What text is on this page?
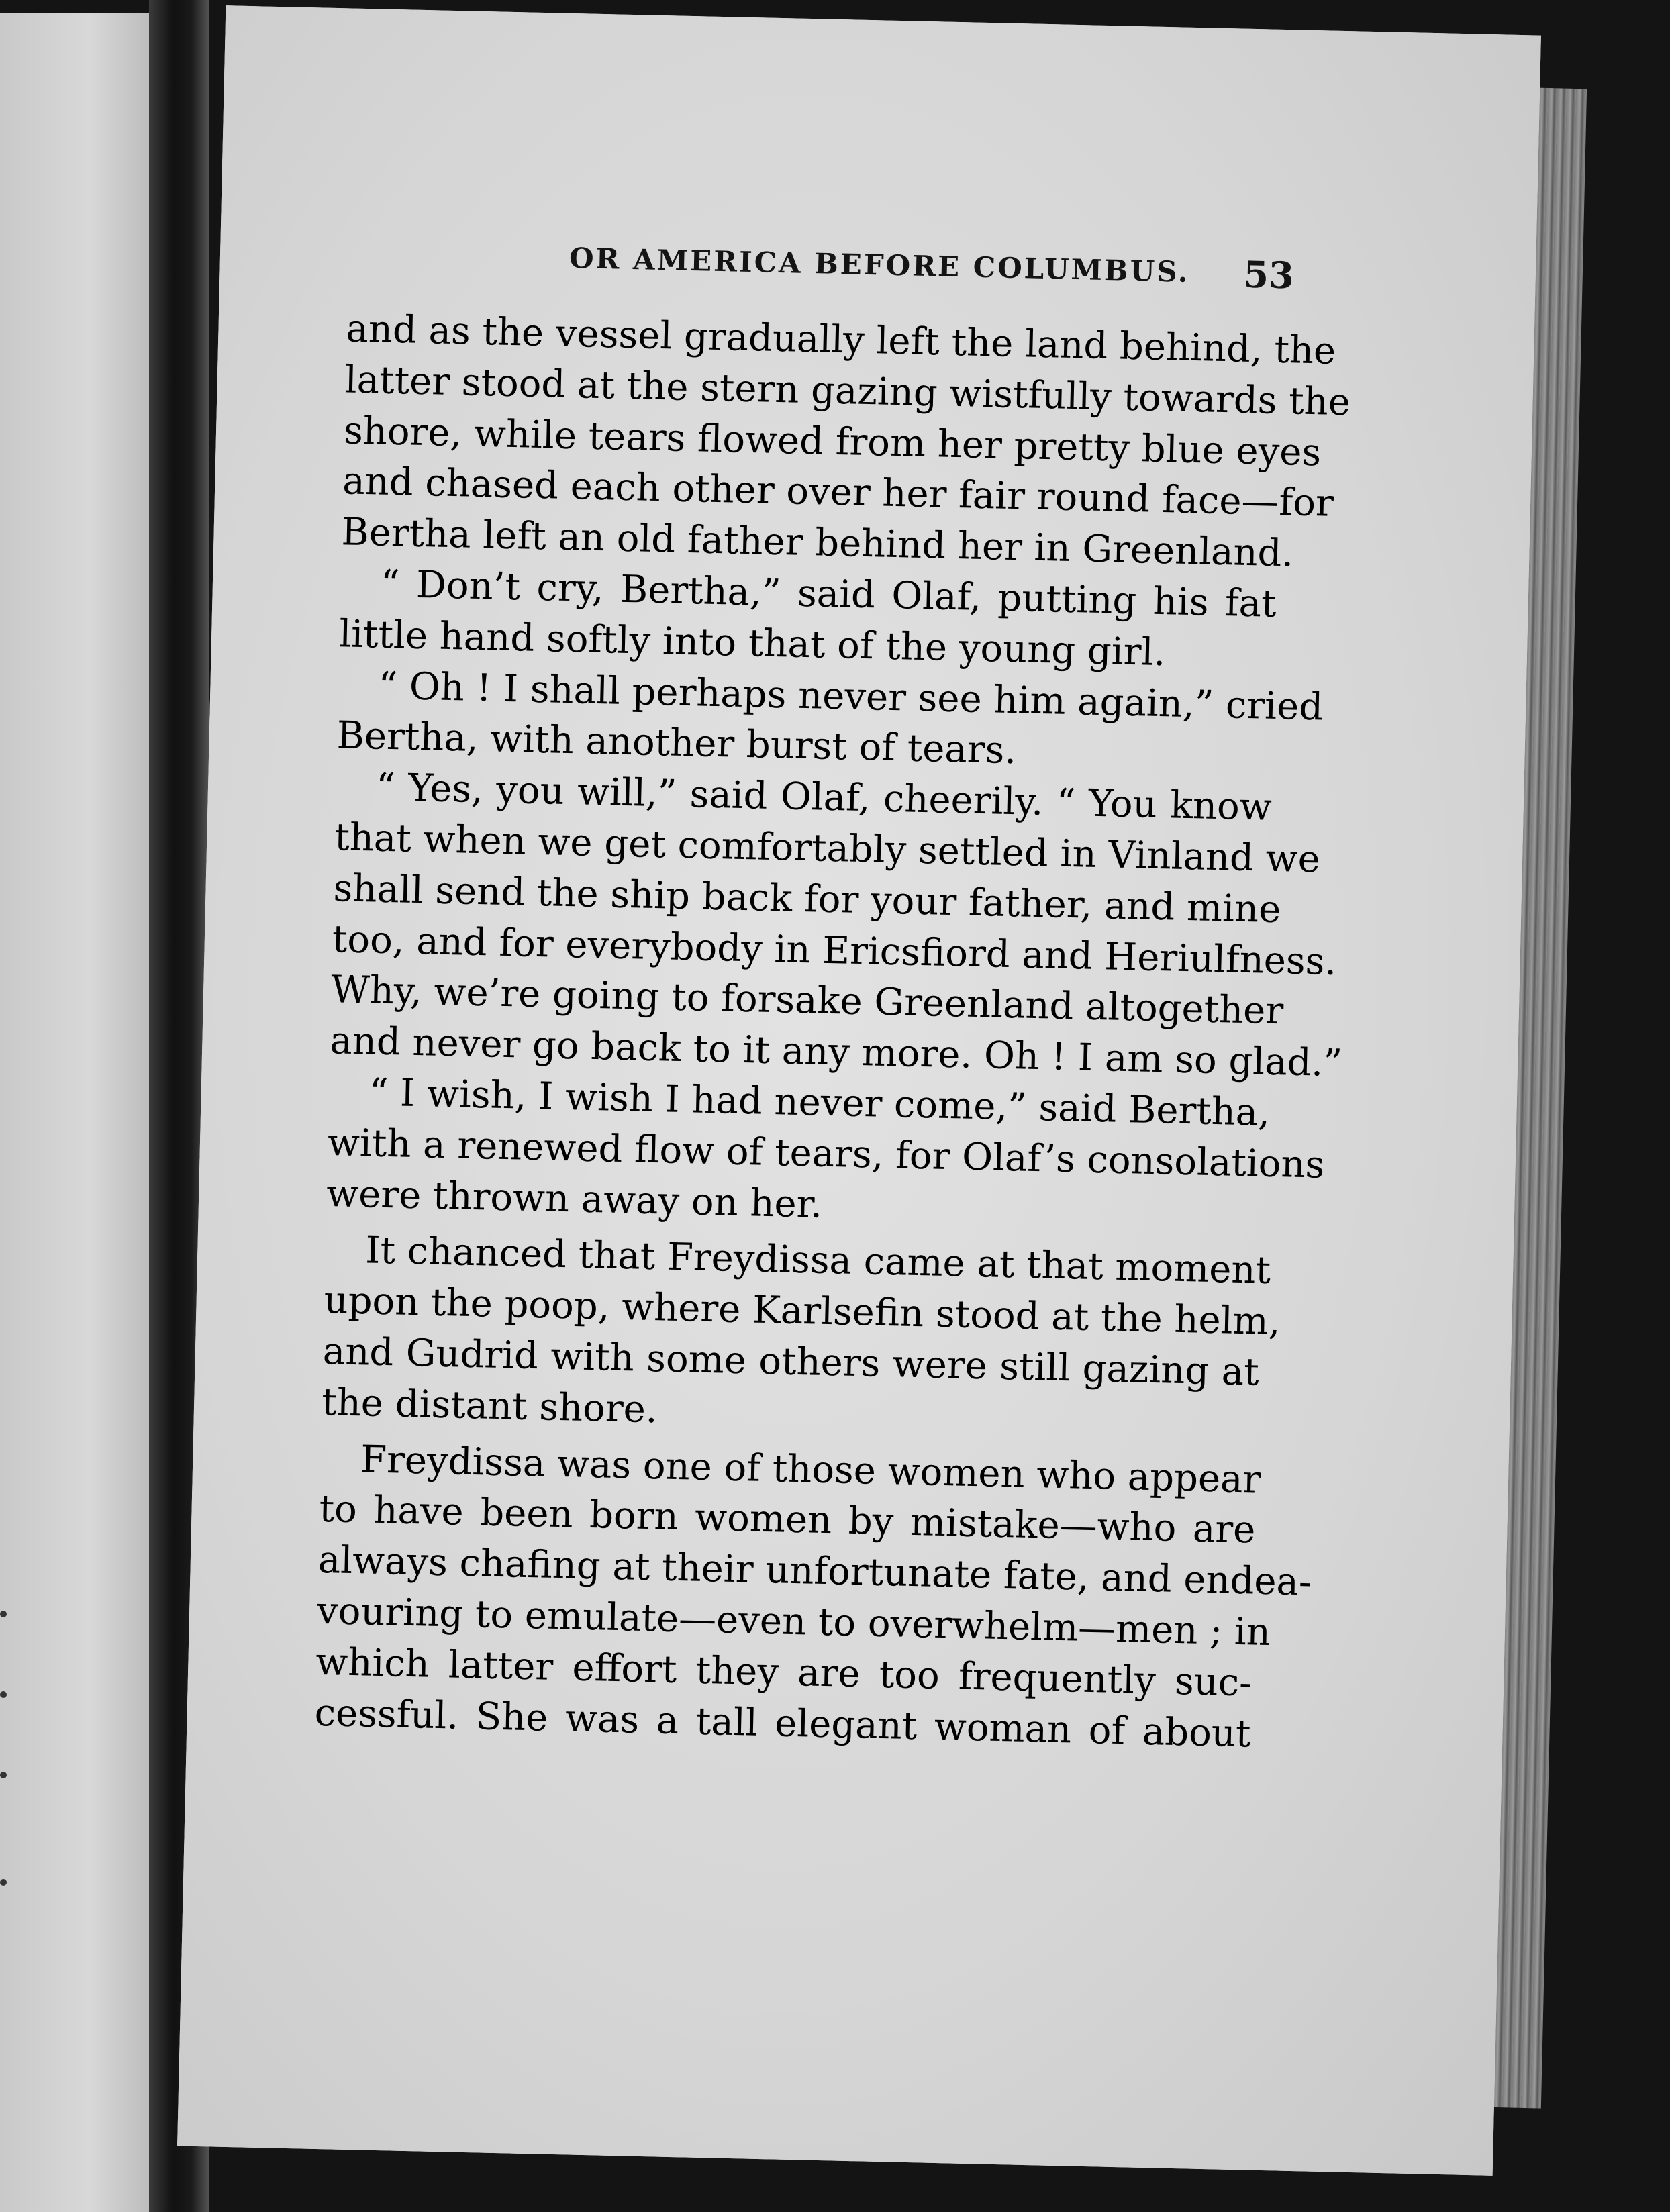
OR AMERICA BEFORE COLUMBUS. 53
and as the vessel gradually left the land behind, the
latter stood at the stern gazing wistfully towards the
shore, while tears flowed from her pretty blue eyes
and chased each other over her fair round face—for
Bertha left an old father behind her in Greenland.
“ Don’t cry, Bertha,” said Olaf, putting his fat
little hand softly into that of the young girl.
“ Oh ! I shall perhaps never see him again,” cried
Bertha, with another burst of tears.
“ Yes, you will,” said Olaf, cheerily. “ You know
that when we get comfortably settled in Vinland we
shall send the ship back for your father, and mine
too, and for everybody in Ericsfiord and Heriulfness.
Why, we’re going to forsake Greenland altogether
and never go back to it any more. Oh ! I am so glad.”
“ I wish, I wish I had never come,” said Bertha,
with a renewed flow of tears, for Olaf’s consolations
were thrown away on her.
It chanced that Freydissa came at that moment
upon the poop, where Karlsefin stood at the helm,
and Gudrid with some others were still gazing at
the distant shore.
Freydissa was one of those women who appear
to have been born women by mistake—who are
always chafing at their unfortunate fate, and endea-
vouring to emulate—even to overwhelm—men ; in
which latter effort they are too frequently suc-
cessful. She was a tall elegant woman of about
